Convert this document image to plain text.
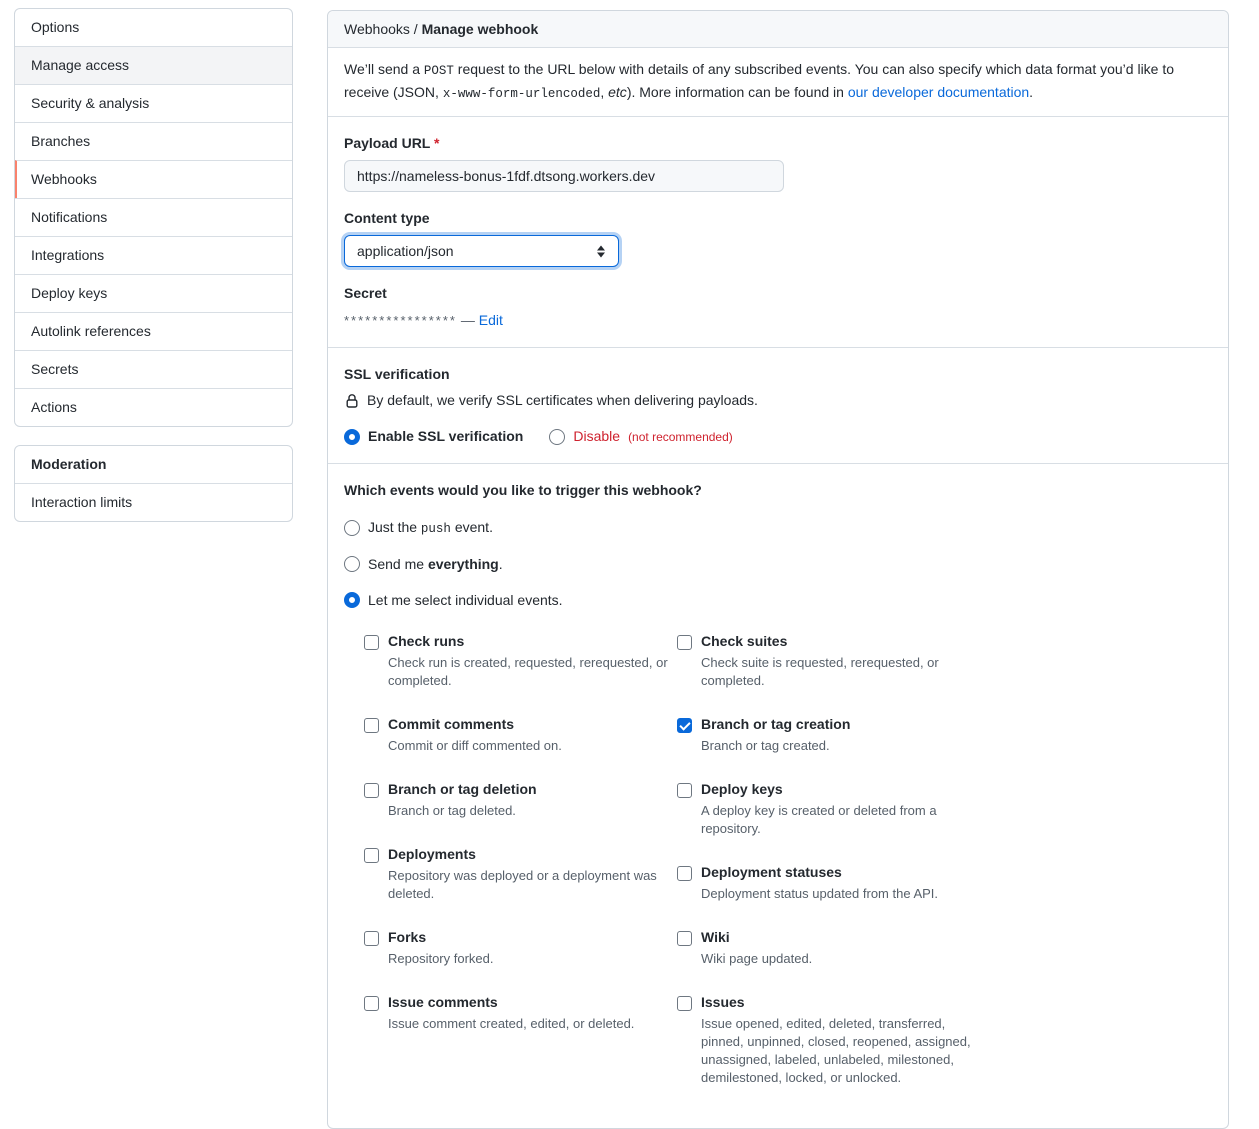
Options
Manage access
Security & analysis
Branches
Webhooks
Notifications
Integrations
Deploy keys
Autolink references
Secrets
Actions
Moderation
Interaction limits
Webhooks / Manage webhook
We’ll send a POST request to the URL below with details of any subscribed events. You can also specify which data format you’d like to receive (JSON, x-www-form-urlencoded, etc). More information can be found in our developer documentation.
Payload URL *
https://nameless-bonus-1fdf.dtsong.workers.dev
Content type
application/json
Secret
**************** — Edit
SSL verification
By default, we verify SSL certificates when delivering payloads.
Enable SSL verification	Disable (not recommended)
Which events would you like to trigger this webhook?
Just the push event.
Send me everything.
Let me select individual events.
Check runs
Check run is created, requested, rerequested, or completed.
Commit comments
Commit or diff commented on.
Branch or tag deletion
Branch or tag deleted.
Deployments
Repository was deployed or a deployment was deleted.
Forks
Repository forked.
Issue comments
Issue comment created, edited, or deleted.
Check suites
Check suite is requested, rerequested, or completed.
Branch or tag creation
Branch or tag created.
Deploy keys
A deploy key is created or deleted from a repository.
Deployment statuses
Deployment status updated from the API.
Wiki
Wiki page updated.
Issues
Issue opened, edited, deleted, transferred, pinned, unpinned, closed, reopened, assigned, unassigned, labeled, unlabeled, milestoned, demilestoned, locked, or unlocked.
